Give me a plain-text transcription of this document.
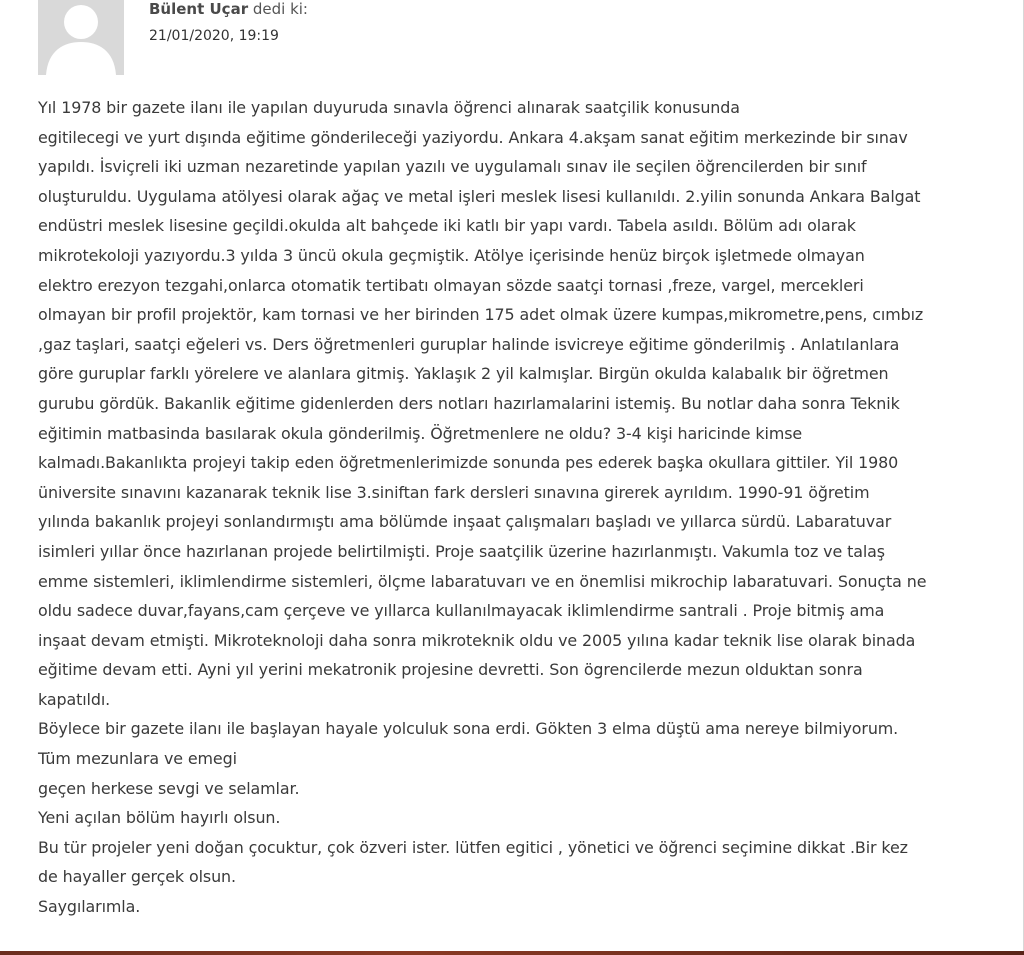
Bülent Uçar dedi ki:
21/01/2020, 19:19
Yıl 1978 bir gazete ilanı ile yapılan duyuruda sınavla öğrenci alınarak saatçilik konusunda
egitilecegi ve yurt dışında eğitime gönderileceği yaziyordu. Ankara 4.akşam sanat eğitim merkezinde bir sınav
yapıldı. İsviçreli iki uzman nezaretinde yapılan yazılı ve uygulamalı sınav ile seçilen öğrencilerden bir sınıf
oluşturuldu. Uygulama atölyesi olarak ağaç ve metal işleri meslek lisesi kullanıldı. 2.yilin sonunda Ankara Balgat
endüstri meslek lisesine geçildi.okulda alt bahçede iki katlı bir yapı vardı. Tabela asıldı. Bölüm adı olarak
mikrotekoloji yazıyordu.3 yılda 3 üncü okula geçmiştik. Atölye içerisinde henüz birçok işletmede olmayan
elektro erezyon tezgahi,onlarca otomatik tertibatı olmayan sözde saatçi tornasi ,freze, vargel, mercekleri
olmayan bir profil projektör, kam tornasi ve her birinden 175 adet olmak üzere kumpas,mikrometre,pens, cımbız
,gaz taşlari, saatçi eğeleri vs. Ders öğretmenleri guruplar halinde isvicreye eğitime gönderilmiş . Anlatılanlara
göre guruplar farklı yörelere ve alanlara gitmiş. Yaklaşık 2 yil kalmışlar. Birgün okulda kalabalık bir öğretmen
gurubu gördük. Bakanlik eğitime gidenlerden ders notları hazırlamalarini istemiş. Bu notlar daha sonra Teknik
eğitimin matbasinda basılarak okula gönderilmiş. Öğretmenlere ne oldu? 3-4 kişi haricinde kimse
kalmadı.Bakanlıkta projeyi takip eden öğretmenlerimizde sonunda pes ederek başka okullara gittiler. Yil 1980
üniversite sınavını kazanarak teknik lise 3.siniftan fark dersleri sınavına girerek ayrıldım. 1990-91 öğretim
yılında bakanlık projeyi sonlandırmıştı ama bölümde inşaat çalışmaları başladı ve yıllarca sürdü. Labaratuvar
isimleri yıllar önce hazırlanan projede belirtilmişti. Proje saatçilik üzerine hazırlanmıştı. Vakumla toz ve talaş
emme sistemleri, iklimlendirme sistemleri, ölçme labaratuvarı ve en önemlisi mikrochip labaratuvari. Sonuçta ne
oldu sadece duvar,fayans,cam çerçeve ve yıllarca kullanılmayacak iklimlendirme santrali . Proje bitmiş ama
inşaat devam etmişti. Mikroteknoloji daha sonra mikroteknik oldu ve 2005 yılına kadar teknik lise olarak binada
eğitime devam etti. Ayni yıl yerini mekatronik projesine devretti. Son ögrencilerde mezun olduktan sonra
kapatıldı.
Böylece bir gazete ilanı ile başlayan hayale yolculuk sona erdi. Gökten 3 elma düştü ama nereye bilmiyorum.
Tüm mezunlara ve emegi
geçen herkese sevgi ve selamlar.
Yeni açılan bölüm hayırlı olsun.
Bu tür projeler yeni doğan çocuktur, çok özveri ister. lütfen egitici , yönetici ve öğrenci seçimine dikkat .Bir kez
de hayaller gerçek olsun.
Saygılarımla.
